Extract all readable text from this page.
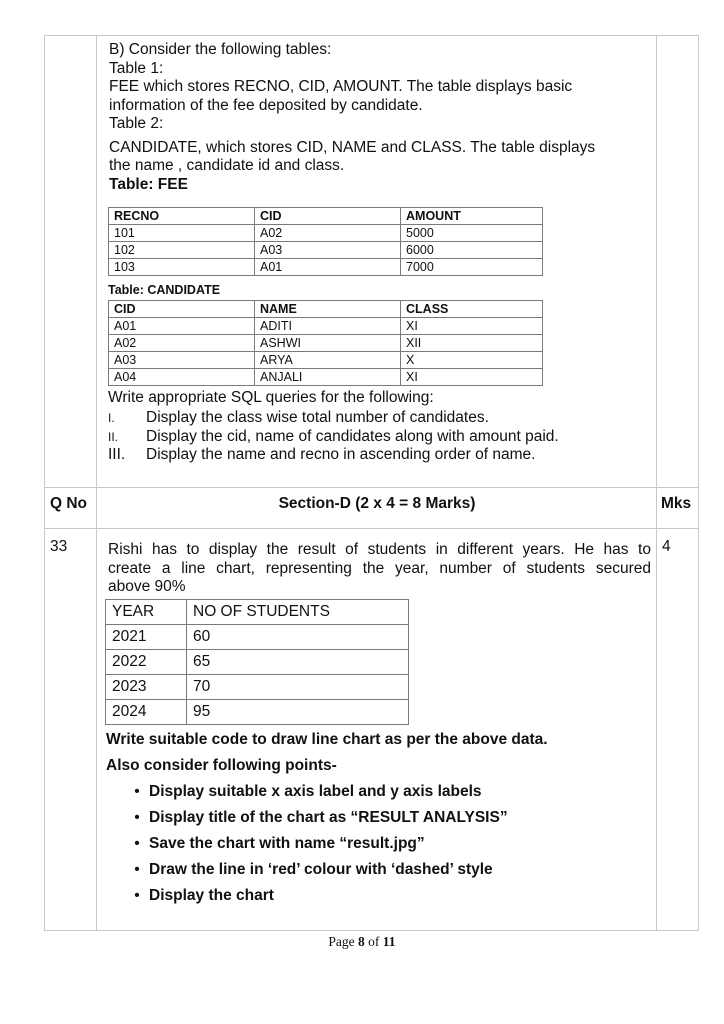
B) Consider the following tables:
Table 1:
FEE which stores RECNO, CID, AMOUNT. The table displays basic
information of the fee deposited by candidate.
Table 2:
CANDIDATE, which stores CID, NAME and CLASS. The table displays
the name , candidate id and class.
Table: FEE
RECNO	CID	AMOUNT
101	A02	5000
102	A03	6000
103	A01	7000
Table: CANDIDATE
CID	NAME	CLASS
A01	ADITI	XI
A02	ASHWI	XII
A03	ARYA	X
A04	ANJALI	XI
Write appropriate SQL queries for the following:
I.	Display the class wise total number of candidates.
II.	Display the cid, name of candidates along with amount paid.
III.	Display the name and recno in ascending order of name.
Q No	Section-D (2 x 4 = 8 Marks)	Mks
33	4
Rishi has to display the result of students in different years. He has to
create a line chart, representing the year, number of students secured
above 90%
YEAR	NO OF STUDENTS
2021	60
2022	65
2023	70
2024	95
Write suitable code to draw line chart as per the above data.
Also consider following points-
• Display suitable x axis label and y axis labels
• Display title of the chart as “RESULT ANALYSIS”
• Save the chart with name “result.jpg”
• Draw the line in ‘red’ colour with ‘dashed’ style
• Display the chart
Page 8 of 11
